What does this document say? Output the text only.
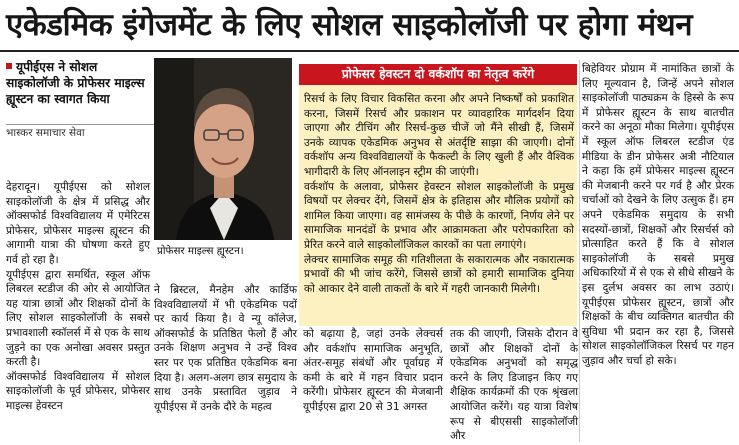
एकेडमिक इंगेजमेंट के लिए सोशल साइकोलॉजी पर होगा मंथन
यूपीईएस ने सोशल साइकोलॉजी के प्रोफेसर माइल्स ह्यूस्टन का स्वागत किया
भास्कर समाचार सेवा
प्रोफेसर माइल्स ह्यूस्टन।

देहरादून। यूपीईएस को सोशल साइकोलॉजी के क्षेत्र में प्रसिद्ध और ऑक्सफोर्ड विश्वविद्यालय में एमेरिटस प्रोफेसर, प्रोफेसर माइल्स ह्यूस्टन की आगामी यात्रा की घोषणा करते हुए गर्व हो रहा है।

यूपीईएस द्वारा समर्थित, स्कूल ऑफ लिबरल स्टडीज की ओर से आयोजित यह यात्रा छात्रों और शिक्षकों दोनों के लिए सोशल साइकोलॉजी के सबसे प्रभावशाली स्कॉलर्स में से एक के साथ जुड़ने का एक अनोखा अवसर प्रस्तुत करती है।

ऑक्सफोर्ड विश्वविद्यालय में सोशल साइकोलॉजी के पूर्व प्रोफेसर, प्रोफेसर माइल्स हेवस्टन

ने ब्रिस्टल, मैनहेम और कार्डिफ विश्वविद्यालयों में भी एकेडमिक पदों पर कार्य किया है। वे न्यू कॉलेज, ऑक्सफोर्ड के प्रतिष्ठित फेलो हैं और उनके शिक्षण अनुभव ने उन्हें विश्व स्तर पर एक प्रतिष्ठित एकेडमिक बना दिया है। अलग-अलग छात्र समुदाय के साथ उनके प्रस्तावित जुड़ाव ने यूपीईएस में उनके दौरे के महत्व

प्रोफेसर हेवस्टन दो वर्कशॉप का नेतृत्व करेंगे

रिसर्च के लिए विचार विकसित करना और अपने निष्कर्षों को प्रकाशित करना, जिसमें रिसर्च और प्रकाशन पर व्यावहारिक मार्गदर्शन दिया जाएगा और टीचिंग और रिसर्च-कुछ चीजें जो मैंने सीखी हैं, जिसमें उनके व्यापक एकेडमिक अनुभव से अंतर्दृष्टि साझा की जाएगी। दोनों वर्कशॉप अन्य विश्वविद्यालयों के फैकल्टी के लिए खुली हैं और वैश्विक भागीदारी के लिए ऑनलाइन स्ट्रीम की जाएंगी।

वर्कशॉप के अलावा, प्रोफेसर हेवस्टन सोशल साइकोलॉजी के प्रमुख विषयों पर लेक्चर देंगे, जिसमें क्षेत्र के इतिहास और मौलिक प्रयोगों को शामिल किया जाएगा। वह सामंजस्य के पीछे के कारणों, निर्णय लेने पर सामाजिक मानदंडों के प्रभाव और आक्रामकता और परोपकारिता को प्रेरित करने वाले साइकोलॉजिकल कारकों का पता लगाएंगे।

लेक्चर सामाजिक समूह की गतिशीलता के सकारात्मक और नकारात्मक प्रभावों की भी जांच करेंगे, जिससे छात्रों को हमारी सामाजिक दुनिया को आकार देने वाली ताकतों के बारे में गहरी जानकारी मिलेगी।

को बढ़ाया है, जहां उनके लेक्चर्स और वर्कशॉप सामाजिक अनुभूति, अंतर-समूह संबंधों और पूर्वाग्रह में कमी के बारे में गहन विचार प्रदान करेंगी। प्रोफेसर ह्यूस्टन की मेजबानी यूपीईएस द्वारा 20 से 31 अगस्त

तक की जाएगी, जिसके दौरान वे छात्रों और शिक्षकों दोनों के एकेडमिक अनुभवों को समृद्ध करने के लिए डिजाइन किए गए शैक्षिक कार्यक्रमों की एक श्रृंखला आयोजित करेंगे। यह यात्रा विशेष रूप से बीएससी साइकोलॉजी और

बिहेवियर प्रोग्राम में नामांकित छात्रों के लिए मूल्यवान है, जिन्हें अपने सोशल साइकोलॉजी पाठ्यक्रम के हिस्से के रूप में प्रोफेसर ह्यूस्टन के साथ बातचीत करने का अनूठा मौका मिलेगा। यूपीईएस में स्कूल ऑफ लिबरल स्टडीज एंड मीडिया के डीन प्रोफेसर अत्री नौटियाल ने कहा कि हमें प्रोफेसर माइल्स ह्यूस्टन की मेजबानी करने पर गर्व है और प्रेरक चर्चाओं को देखने के लिए उत्सुक हैं। हम अपने एकेडमिक समुदाय के सभी सदस्यों-छात्रों, शिक्षकों और रिसर्चर्स को प्रोत्साहित करते हैं कि वे सोशल साइकोलॉजी के सबसे प्रमुख अधिकारियों में से एक से सीधे सीखने के इस दुर्लभ अवसर का लाभ उठाएं। यूपीईएस प्रोफेसर ह्यूस्टन, छात्रों और शिक्षकों के बीच व्यक्तिगत बातचीत की सुविधा भी प्रदान कर रहा है, जिससे सोशल साइकोलॉजिकल रिसर्च पर गहन जुड़ाव और चर्चा हो सके।
